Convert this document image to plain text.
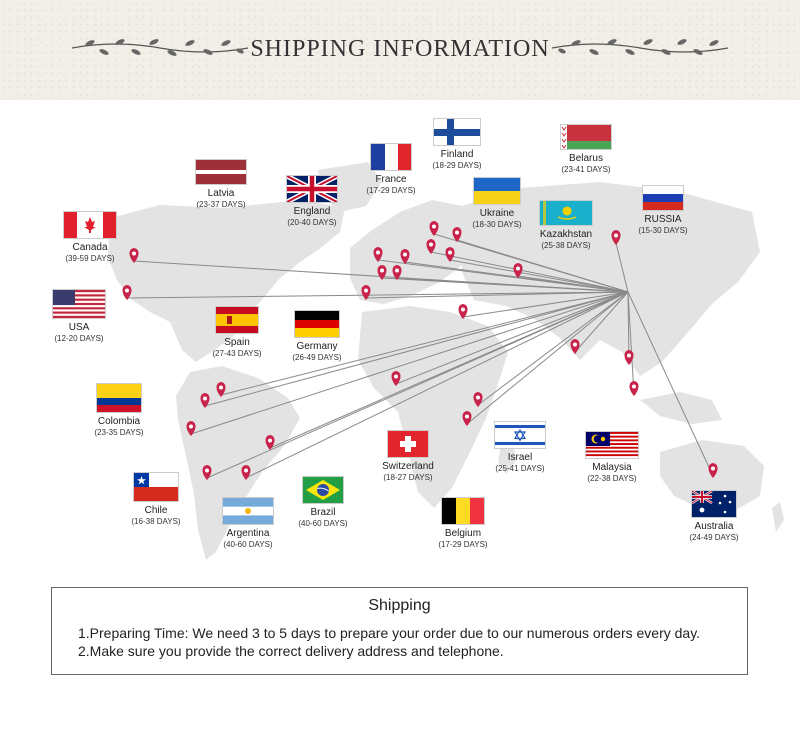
SHIPPING INFORMATION
Latvia
(23-37 DAYS)
England
(20-40 DAYS)
France
(17-29 DAYS)
Finland
(18-29 DAYS)
Belarus
(23-41 DAYS)
Canada
(39-59 DAYS)
Ukraine
(18-30 DAYS)
Kazakhstan
(25-38 DAYS)
RUSSIA
(15-30 DAYS)
USA
(12-20 DAYS)	Spain
(27-43 DAYS)
Germany
(26-49 DAYS)
Colombia
(23-35 DAYS)
Switzerland
(18-27 DAYS)
Israel
(25-41 DAYS)	Malaysia
(22-38 DAYS)
Chile
(16-38 DAYS)
Brazil
(40-60 DAYS)
Argentina
(40-60 DAYS)
Belgium
(17-29 DAYS)
Australia
(24-49 DAYS)
Shipping
1.Preparing Time: We need 3 to 5 days to prepare your order due to our numerous orders every day.
2.Make sure you provide the correct delivery address and telephone.
